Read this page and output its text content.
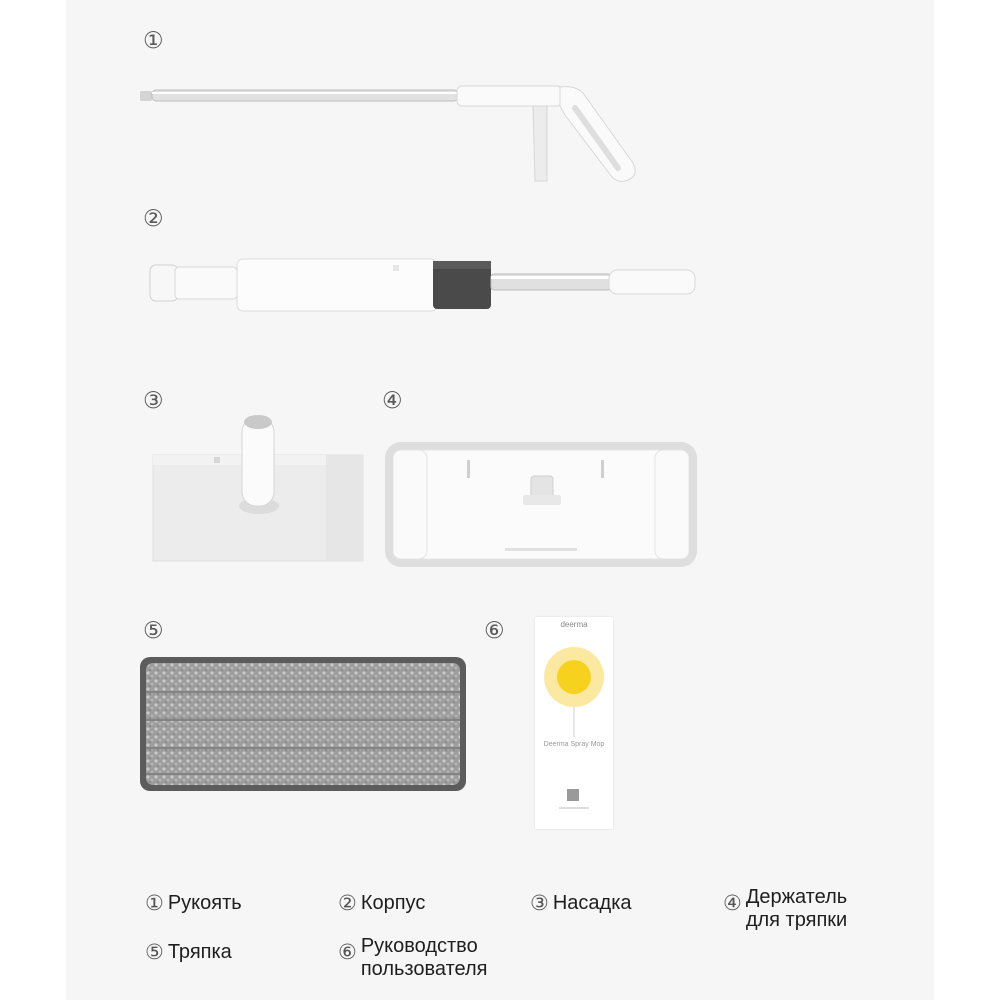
①
②
③	④
⑤	⑥	deerma
Deerma Spray Mop
① Рукоять	② Корпус	③ Насадка	④ Держатель
для тряпки
⑤ Тряпка	⑥ Руководство
пользователя
